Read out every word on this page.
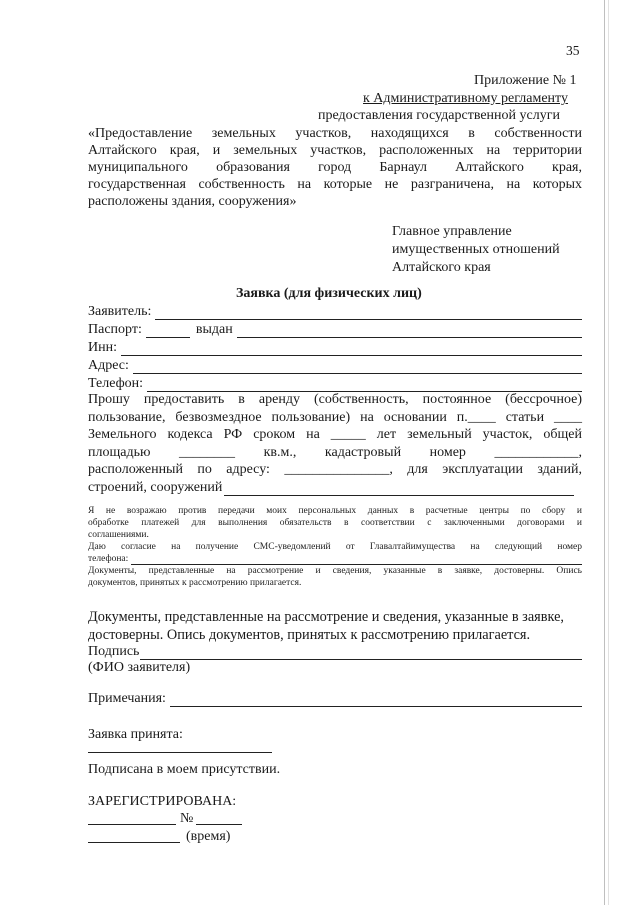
35
Приложение № 1
к Административному регламенту
предоставления государственной услуги
«Предоставление земельных участков, находящихся в собственности
Алтайского края, и земельных участков, расположенных на территории
муниципального образования город Барнаул Алтайского края,
государственная собственность на которые не разграничена, на которых
расположены здания, сооружения»
Главное управление
имущественных отношений
Алтайского края
Заявка (для физических лиц)
Заявитель:
Паспорт:	выдан
Инн:
Адрес:
Телефон:
Прошу предоставить в аренду (собственность, постоянное (бессрочное)
пользование, безвозмездное пользование) на основании п.____ статьи ____
Земельного кодекса РФ сроком на _____ лет земельный участок, общей
площадью ________ кв.м., кадастровый номер ____________,
расположенный по адресу: _______________, для эксплуатации зданий,
строений, сооружений
Я не возражаю против передачи моих персональных данных в расчетные центры по сбору и
обработке платежей для выполнения обязательств в соответствии с заключенными договорами и
соглашениями.
Даю согласие на получение СМС-уведомлений от Главалтайимущества на следующий номер
телефона:
Документы, представленные на рассмотрение и сведения, указанные в заявке, достоверны. Опись
документов, принятых к рассмотрению прилагается.
Документы, представленные на рассмотрение и сведения, указанные в заявке,
достоверны. Опись документов, принятых к рассмотрению прилагается.
Подпись
(ФИО заявителя)
Примечания:
Заявка принята:
Подписана в моем присутствии.
ЗАРЕГИСТРИРОВАНА:
№
(время)
